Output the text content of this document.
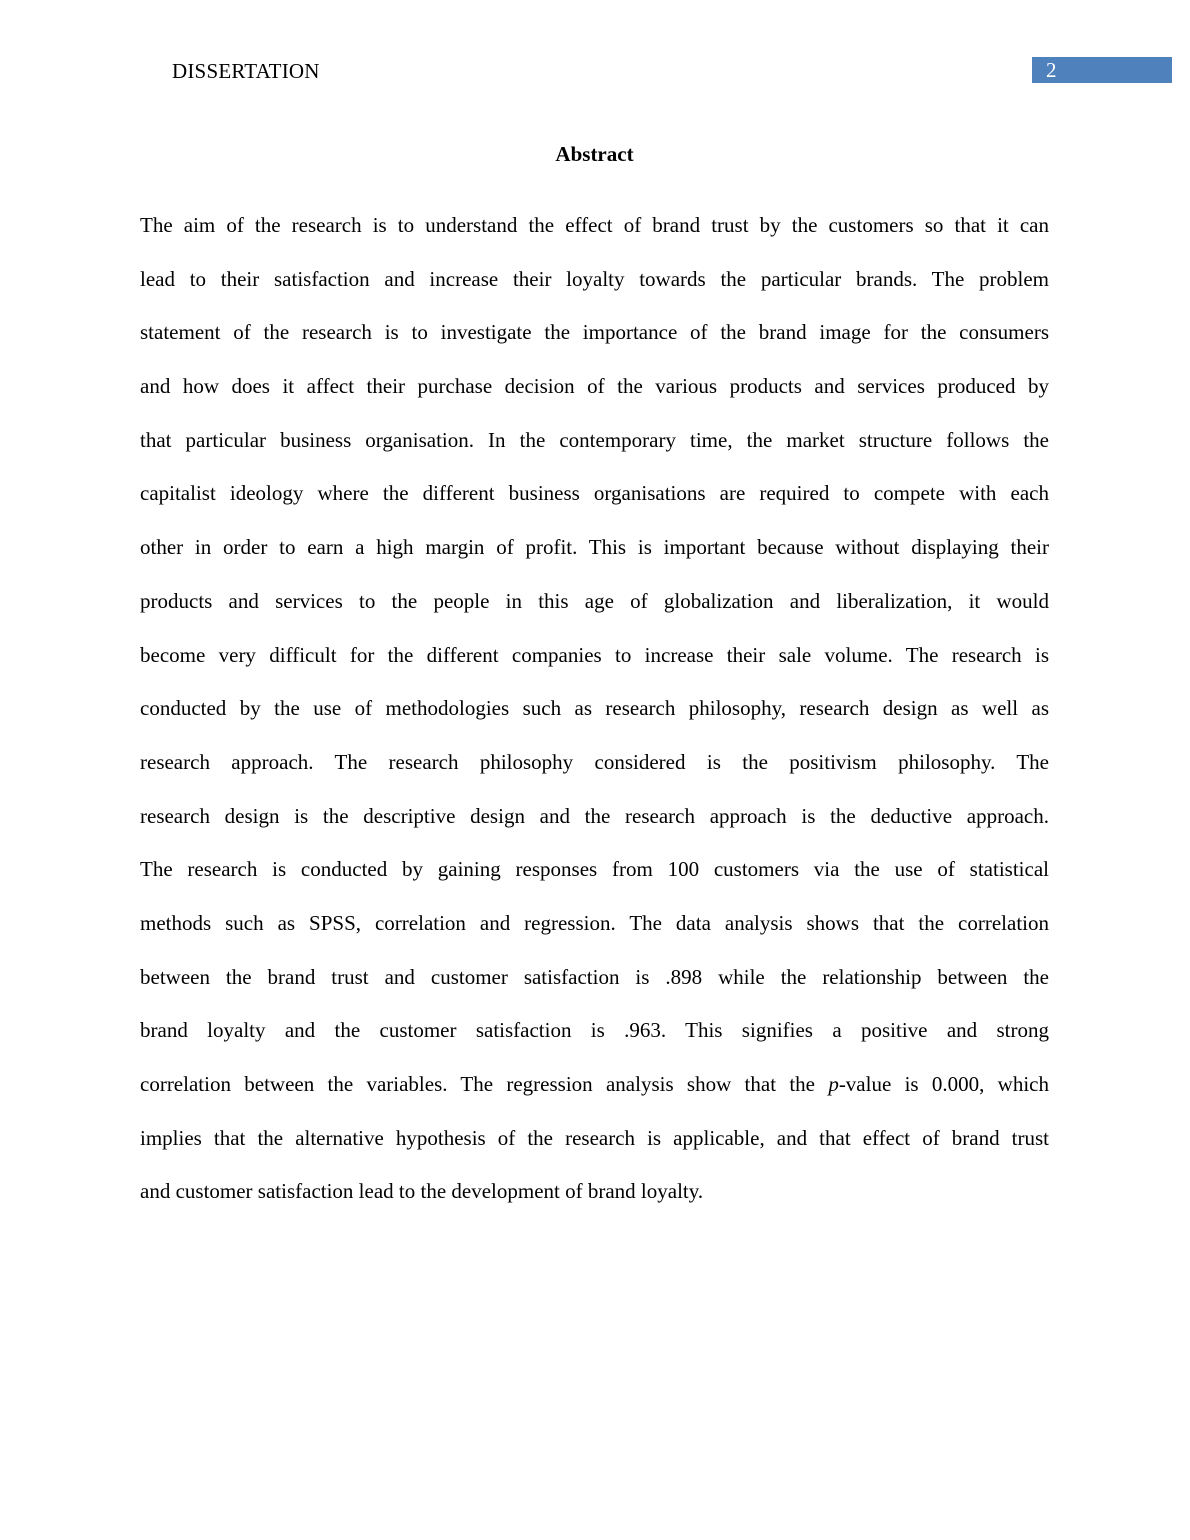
DISSERTATION	2
Abstract
The aim of the research is to understand the effect of brand trust by the customers so that it can
lead to their satisfaction and increase their loyalty towards the particular brands. The problem
statement of the research is to investigate the importance of the brand image for the consumers
and how does it affect their purchase decision of the various products and services produced by
that particular business organisation. In the contemporary time, the market structure follows the
capitalist ideology where the different business organisations are required to compete with each
other in order to earn a high margin of profit. This is important because without displaying their
products and services to the people in this age of globalization and liberalization, it would
become very difficult for the different companies to increase their sale volume. The research is
conducted by the use of methodologies such as research philosophy, research design as well as
research approach. The research philosophy considered is the positivism philosophy. The
research design is the descriptive design and the research approach is the deductive approach.
The research is conducted by gaining responses from 100 customers via the use of statistical
methods such as SPSS, correlation and regression. The data analysis shows that the correlation
between the brand trust and customer satisfaction is .898 while the relationship between the
brand loyalty and the customer satisfaction is .963. This signifies a positive and strong
correlation between the variables. The regression analysis show that the p-value is 0.000, which
implies that the alternative hypothesis of the research is applicable, and that effect of brand trust
and customer satisfaction lead to the development of brand loyalty.
